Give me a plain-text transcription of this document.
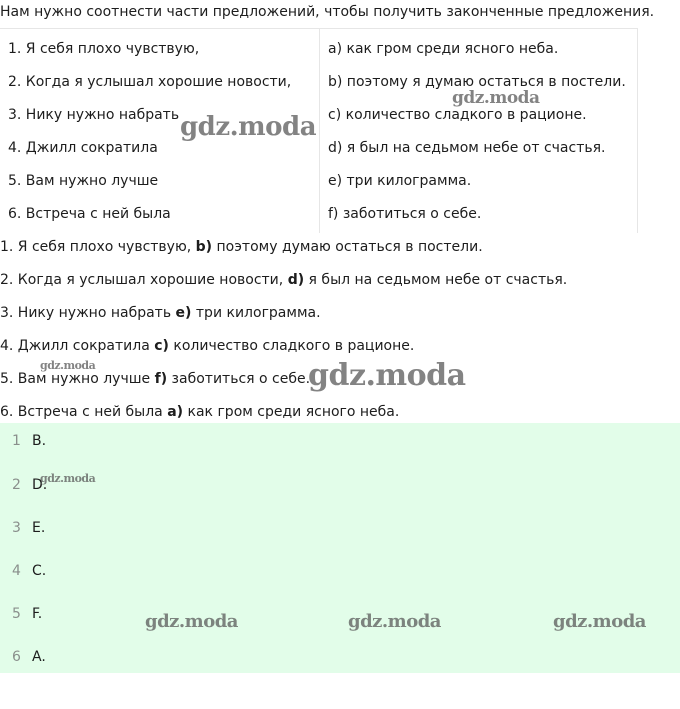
Нам нужно соотнести части предложений, чтобы получить законченные предложения.
1. Я себя плохо чувствую,	a) как гром среди ясного неба.
2. Когда я услышал хорошие новости,	b) поэтому я думаю остаться в постели.
3. Нику нужно набрать	c) количество сладкого в рационе.
4. Джилл сократила	d) я был на седьмом небе от счастья.
5. Вам нужно лучше	e) три килограмма.
6. Встреча с ней была	f) заботиться о себе.
1. Я себя плохо чувствую, b) поэтому думаю остаться в постели.
2. Когда я услышал хорошие новости, d) я был на седьмом небе от счастья.
3. Нику нужно набрать e) три килограмма.
4. Джилл сократила c) количество сладкого в рационе.
5. Вам нужно лучше f) заботиться о себе.
6. Встреча с ней была a) как гром среди ясного неба.
1 B.
2 D.
3 E.
4 C.
5 F.
6 A.
gdz.moda
gdz.moda
gdz.moda	gdz.moda
gdz.moda
gdz.moda	gdz.moda	gdz.moda
